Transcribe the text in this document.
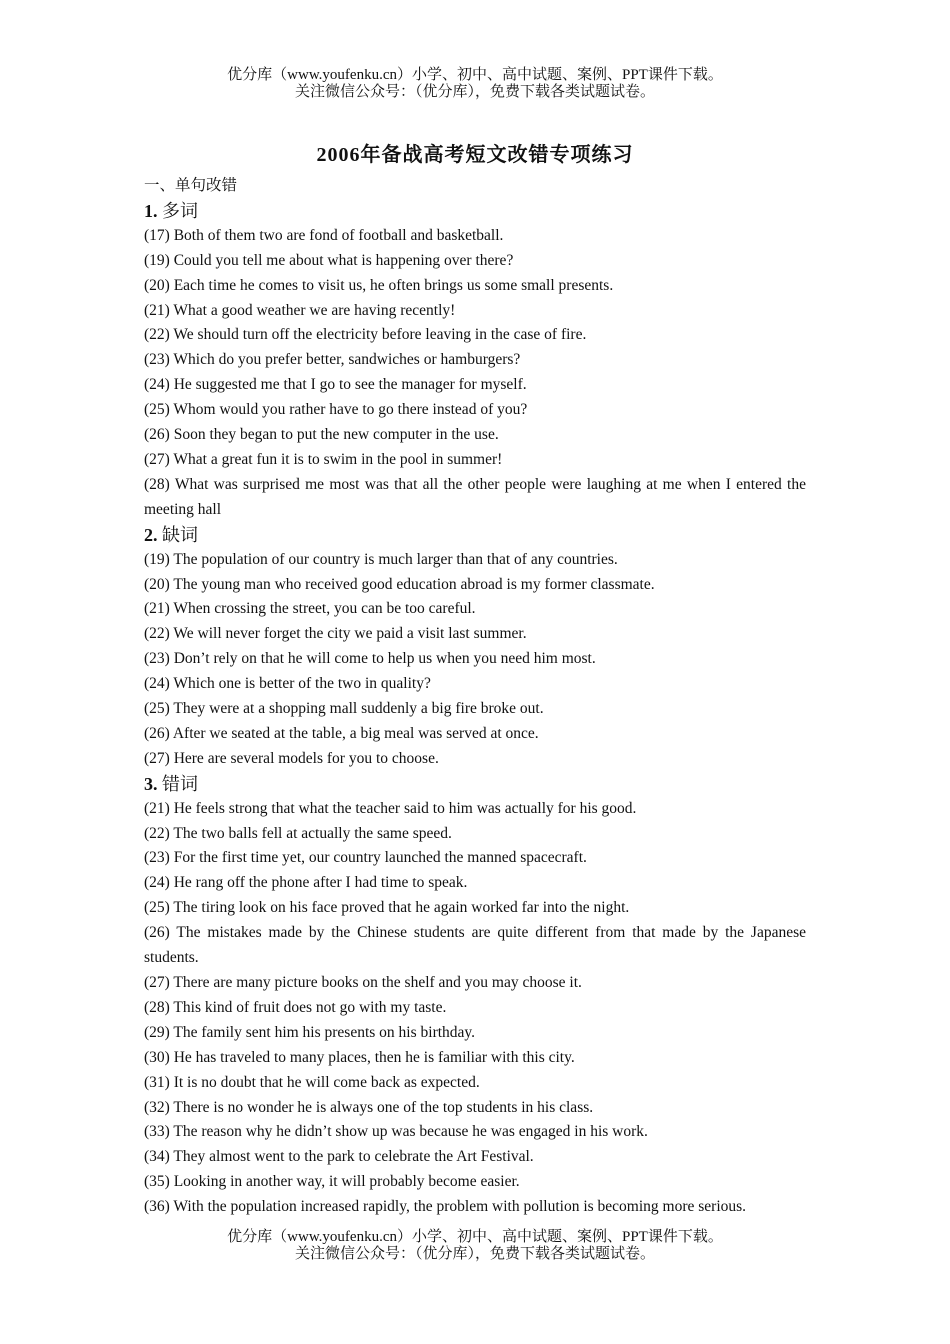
优分库（www.youfenku.cn）小学、初中、高中试题、案例、PPT课件下载。
关注微信公众号：（优分库），免费下载各类试题试卷。
2006年备战高考短文改错专项练习
一、单句改错
1. 多词
(17) Both of them two are fond of football and basketball.
(19) Could you tell me about what is happening over there?
(20) Each time he comes to visit us, he often brings us some small presents.
(21) What a good weather we are having recently!
(22) We should turn off the electricity before leaving in the case of fire.
(23) Which do you prefer better, sandwiches or hamburgers?
(24) He suggested me that I go to see the manager for myself.
(25) Whom would you rather have to go there instead of you?
(26) Soon they began to put the new computer in the use.
(27) What a great fun it is to swim in the pool in summer!
(28) What was surprised me most was that all the other people were laughing at me when I entered the meeting hall
2. 缺词
(19) The population of our country is much larger than that of any countries.
(20) The young man who received good education abroad is my former classmate.
(21) When crossing the street, you can be too careful.
(22) We will never forget the city we paid a visit last summer.
(23) Don’t rely on that he will come to help us when you need him most.
(24) Which one is better of the two in quality?
(25) They were at a shopping mall suddenly a big fire broke out.
(26) After we seated at the table, a big meal was served at once.
(27) Here are several models for you to choose.
3. 错词
(21) He feels strong that what the teacher said to him was actually for his good.
(22) The two balls fell at actually the same speed.
(23) For the first time yet, our country launched the manned spacecraft.
(24) He rang off the phone after I had time to speak.
(25) The tiring look on his face proved that he again worked far into the night.
(26) The mistakes made by the Chinese students are quite different from that made by the Japanese students.
(27) There are many picture books on the shelf and you may choose it.
(28) This kind of fruit does not go with my taste.
(29) The family sent him his presents on his birthday.
(30) He has traveled to many places, then he is familiar with this city.
(31) It is no doubt that he will come back as expected.
(32) There is no wonder he is always one of the top students in his class.
(33) The reason why he didn’t show up was because he was engaged in his work.
(34) They almost went to the park to celebrate the Art Festival.
(35) Looking in another way, it will probably become easier.
(36) With the population increased rapidly, the problem with pollution is becoming more serious.
优分库（www.youfenku.cn）小学、初中、高中试题、案例、PPT课件下载。
关注微信公众号：（优分库），免费下载各类试题试卷。
